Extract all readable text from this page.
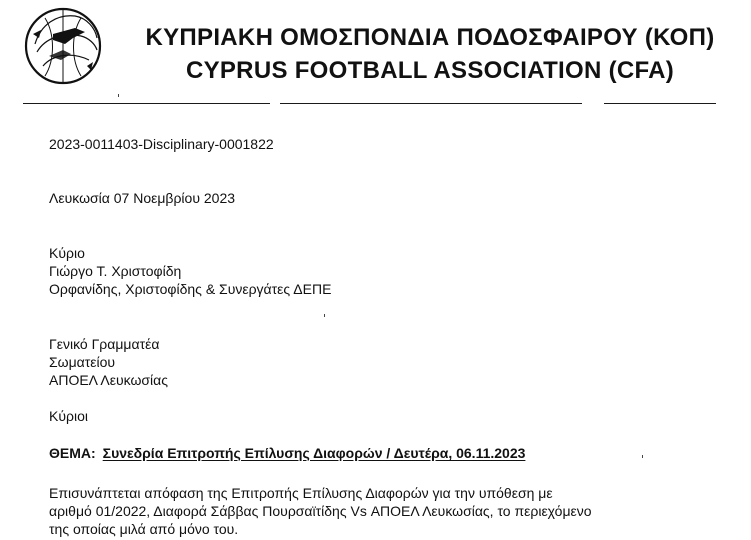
ΚΥΠΡΙΑΚΗ ΟΜΟΣΠΟΝΔΙΑ ΠΟΔΟΣΦΑΙΡΟΥ (ΚΟΠ)
CYPRUS FOOTBALL ASSOCIATION (CFA)
2023-0011403-Disciplinary-0001822
Λευκωσία 07 Νοεμβρίου 2023
Κύριο
Γιώργο Τ. Χριστοφίδη
Ορφανίδης, Χριστοφίδης & Συνεργάτες ΔΕΠΕ
Γενικό Γραμματέα
Σωματείου
ΑΠΟΕΛ Λευκωσίας
Κύριοι
ΘΕΜΑ: Συνεδρία Επιτροπής Επίλυσης Διαφορών / Δευτέρα, 06.11.2023
Επισυνάπτεται απόφαση της Επιτροπής Επίλυσης Διαφορών για την υπόθεση με
αριθμό 01/2022, Διαφορά Σάββας Πουρσαϊτίδης Vs ΑΠΟΕΛ Λευκωσίας, το περιεχόμενο
της οποίας μιλά από μόνο του.
